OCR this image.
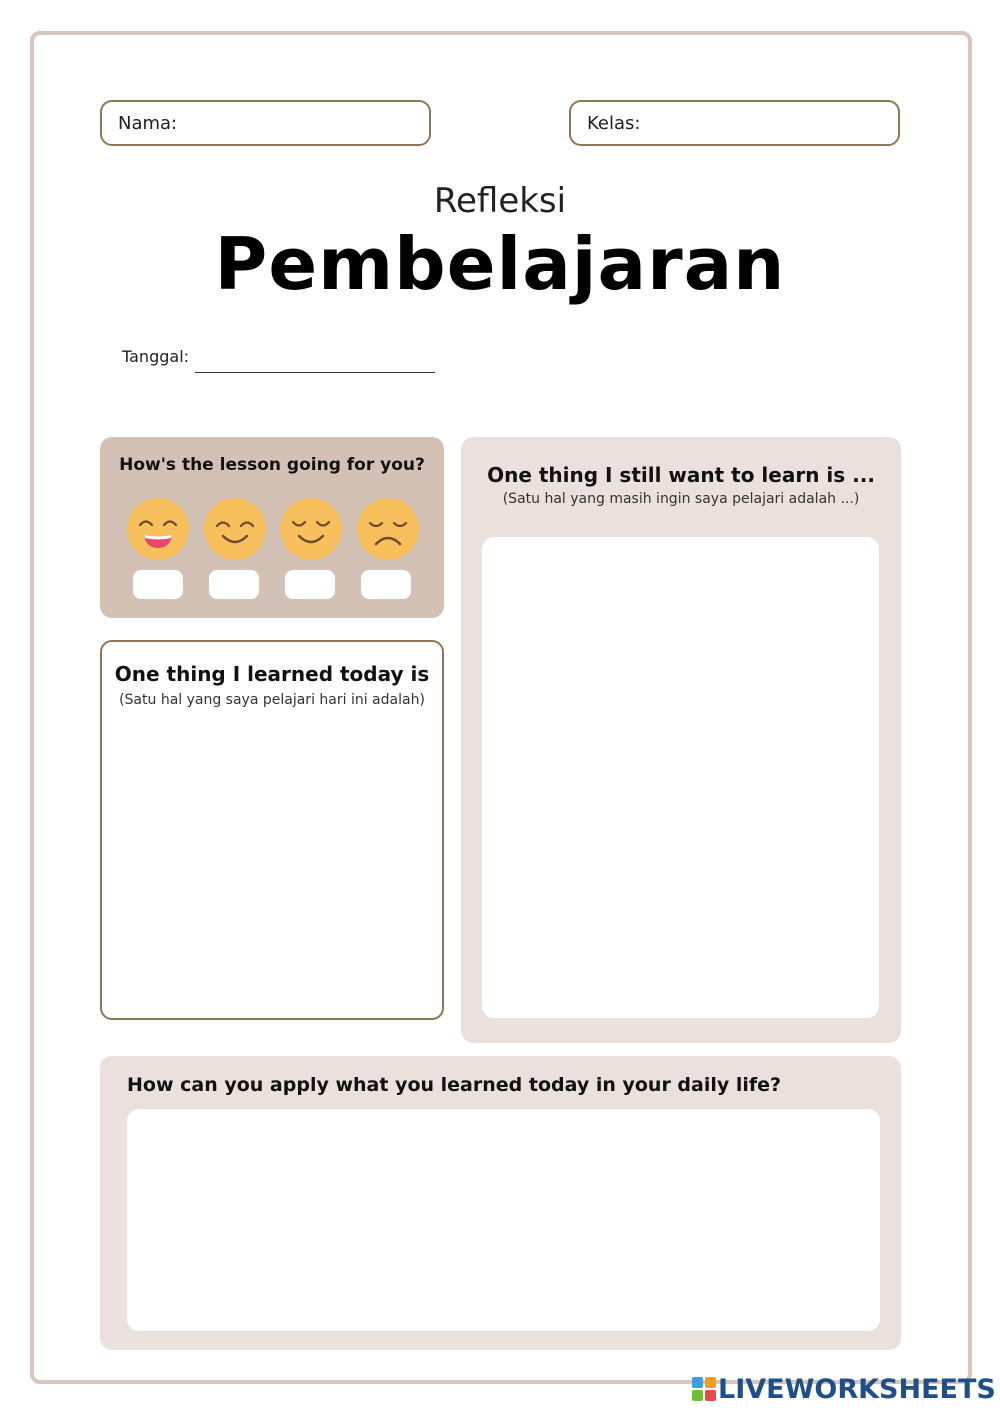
Nama:	Kelas:
Refleksi
Pembelajaran
Tanggal:
How's the lesson going for you?
One thing I learned today is
(Satu hal yang saya pelajari hari ini adalah)
One thing I still want to learn is ...
(Satu hal yang masih ingin saya pelajari adalah ...)
How can you apply what you learned today in your daily life?
LIVEWORKSHEETS
